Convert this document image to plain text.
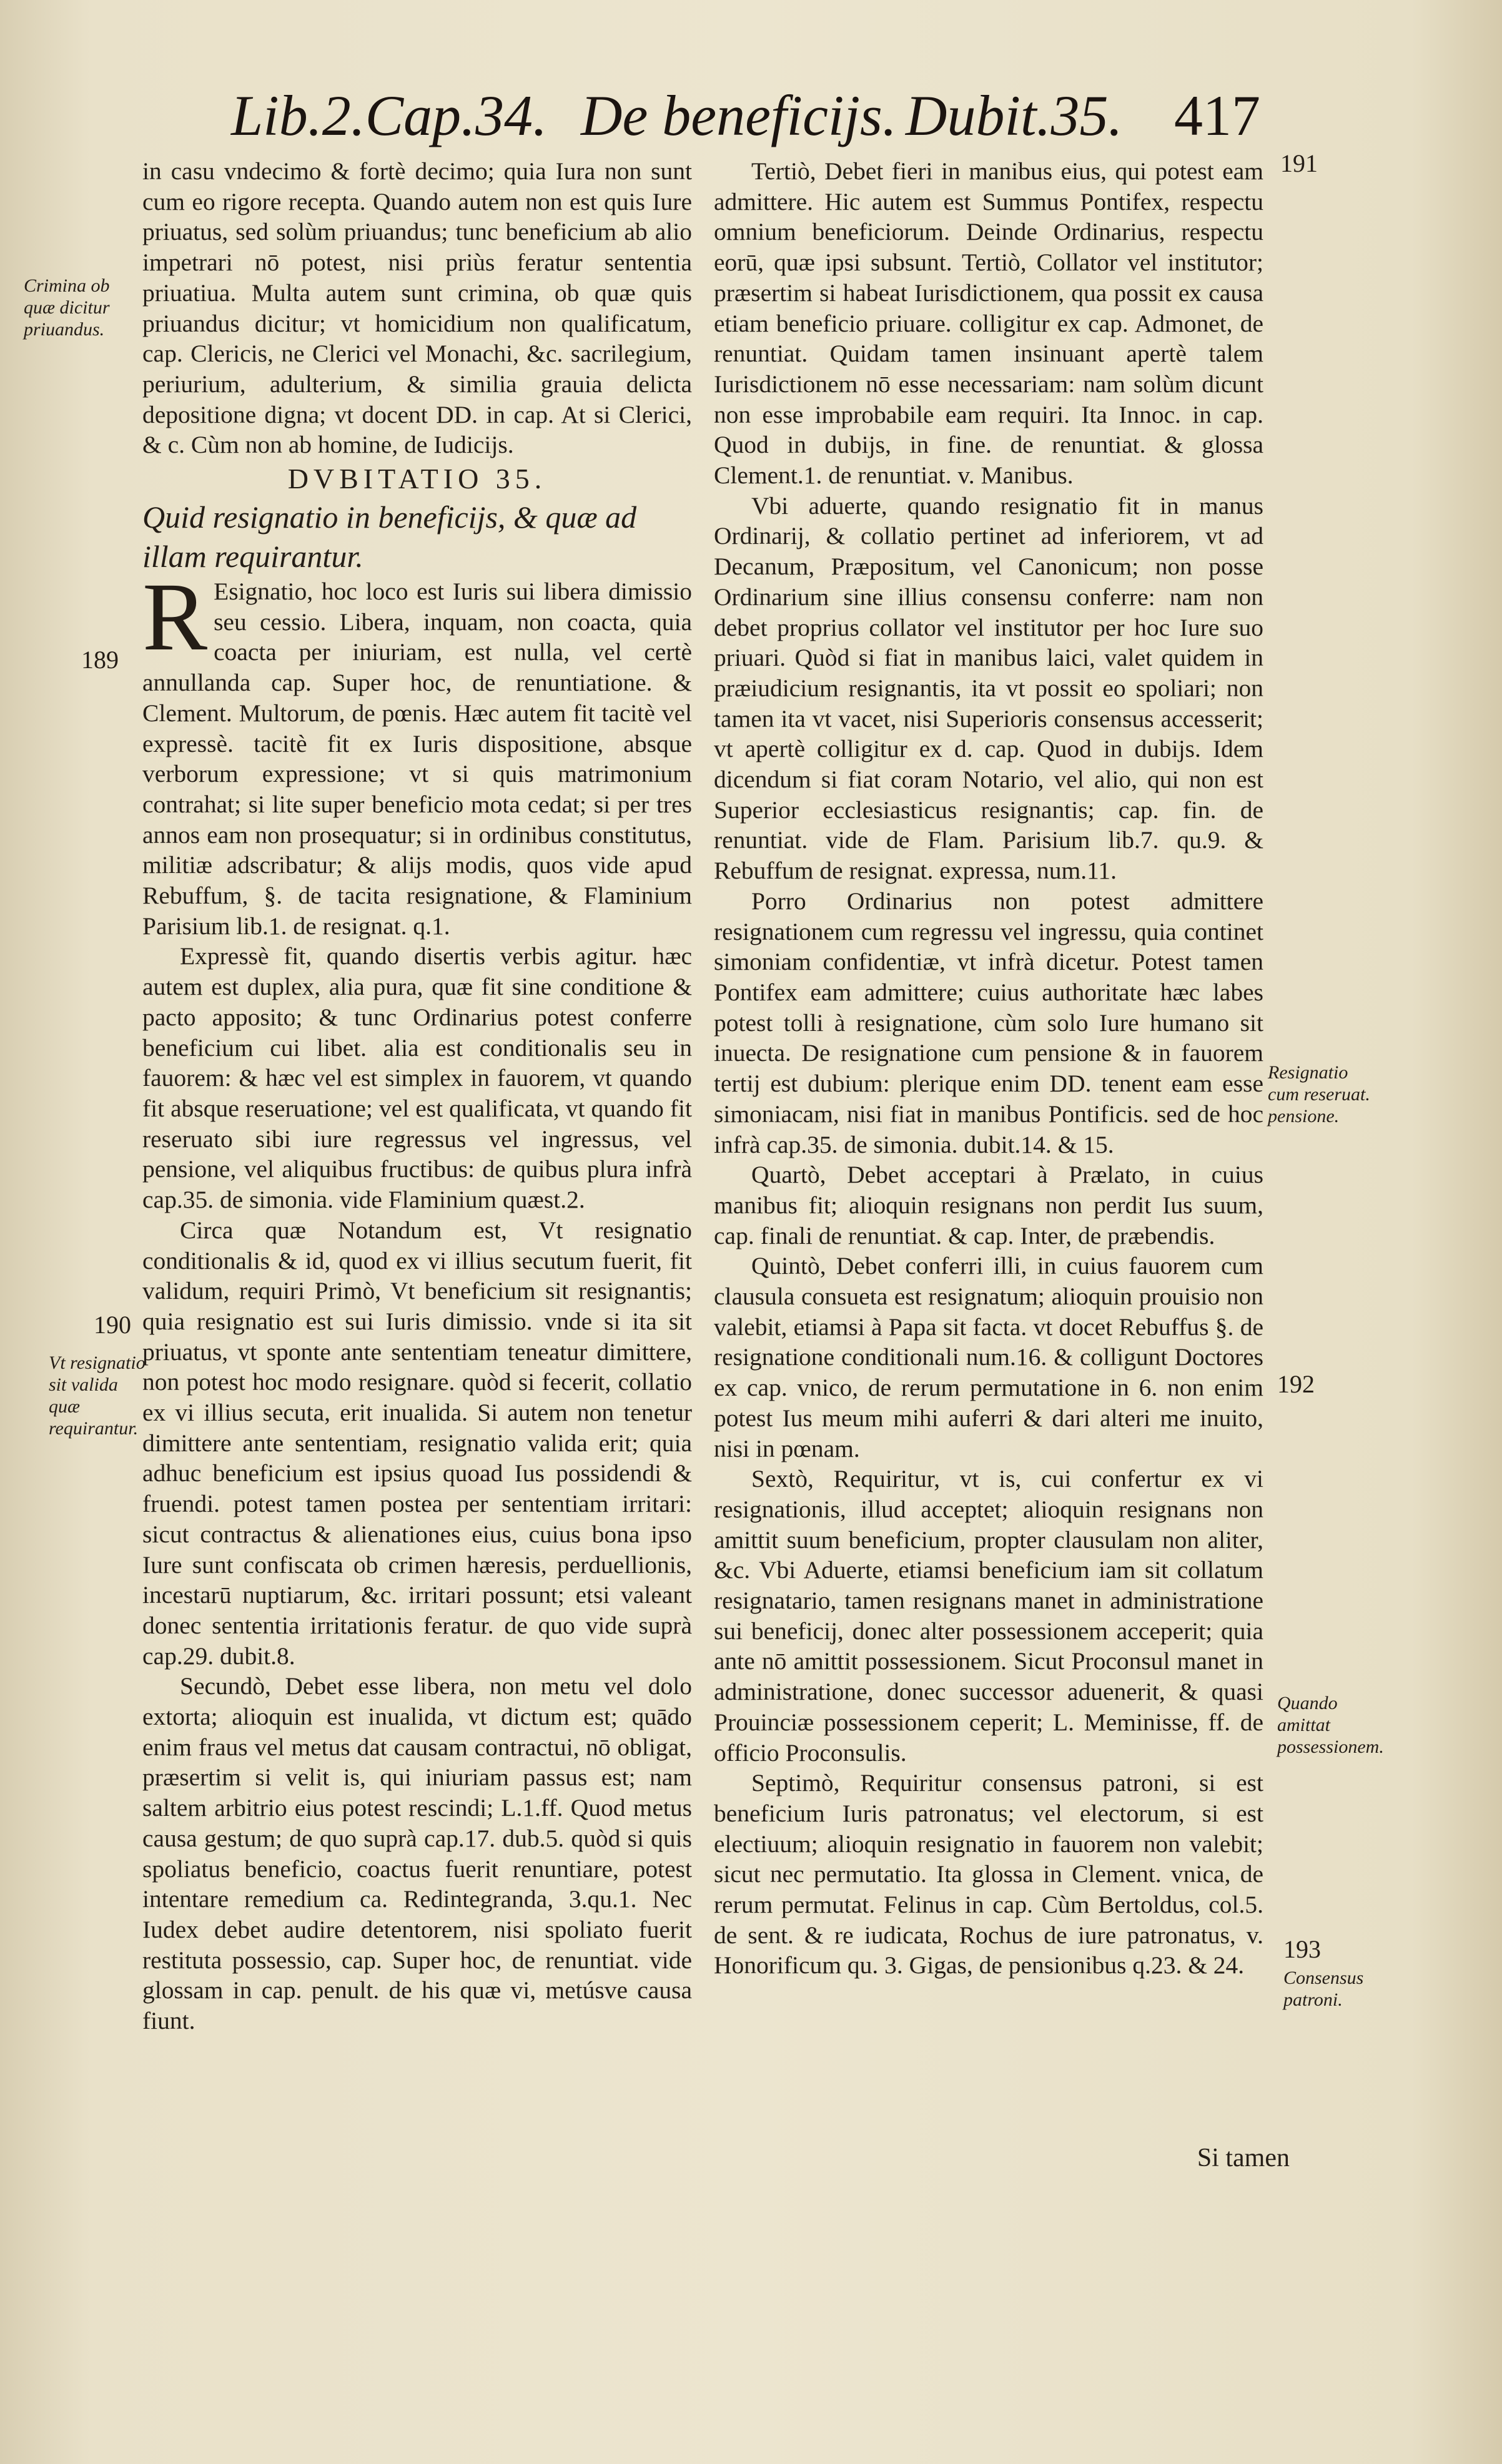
Lib.2.Cap.34. De beneficijs. Dubit.35. 417

in casu vndecimo & fortè decimo; quia Iura non sunt cum eo rigore recepta. Quando autem non est quis Iure priuatus, sed solùm priuandus; tunc beneficium ab alio impetrari nō potest, nisi priùs feratur sententia priuatiua. Multa autem sunt crimina, ob quæ quis priuandus dicitur; vt homicidium non qualificatum, cap. Clericis, ne Clerici vel Monachi, &c. sacrilegium, periurium, adulterium, & similia grauia delicta depositione digna; vt docent DD. in cap. At si Clerici, & c. Cùm non ab homine, de Iudicijs.

DVBITATIO 35.

Quid resignatio in beneficijs, & quæ ad illam requirantur.

R Esignatio, hoc loco est Iuris sui libera dimissio seu cessio. Libera, inquam, non coacta, quia coacta per iniuriam, est nulla, vel certè annullanda cap. Super hoc, de renuntiatione. & Clement. Multorum, de pœnis. Hæc autem fit tacitè vel expressè. tacitè fit ex Iuris dispositione, absque verborum expressione; vt si quis matrimonium contrahat; si lite super beneficio mota cedat; si per tres annos eam non prosequatur; si in ordinibus constitutus, militiæ adscribatur; & alijs modis, quos vide apud Rebuffum, §. de tacita resignatione, & Flaminium Parisium lib.1. de resignat. q.1.

Expressè fit, quando disertis verbis agitur. hæc autem est duplex, alia pura, quæ fit sine conditione & pacto apposito; & tunc Ordinarius potest conferre beneficium cui libet. alia est conditionalis seu in fauorem: & hæc vel est simplex in fauorem, vt quando fit absque reseruatione; vel est qualificata, vt quando fit reseruato sibi iure regressus vel ingressus, vel pensione, vel aliquibus fructibus: de quibus plura infrà cap.35. de simonia. vide Flaminium quæst.2.

Circa quæ Notandum est, Vt resignatio conditionalis & id, quod ex vi illius secutum fuerit, fit validum, requiri Primò, Vt beneficium sit resignantis; quia resignatio est sui Iuris dimissio. vnde si ita sit priuatus, vt sponte ante sententiam teneatur dimittere, non potest hoc modo resignare. quòd si fecerit, collatio ex vi illius secuta, erit inualida. Si autem non tenetur dimittere ante sententiam, resignatio valida erit; quia adhuc beneficium est ipsius quoad Ius possidendi & fruendi. potest tamen postea per sententiam irritari: sicut contractus & alienationes eius, cuius bona ipso Iure sunt confiscata ob crimen hæresis, perduellionis, incestarū nuptiarum, &c. irritari possunt; etsi valeant donec sententia irritationis feratur. de quo vide suprà cap.29. dubit.8.

Secundò, Debet esse libera, non metu vel dolo extorta; alioquin est inualida, vt dictum est; quādo enim fraus vel metus dat causam contractui, nō obligat, præsertim si velit is, qui iniuriam passus est; nam saltem arbitrio eius potest rescindi; L.1.ff. Quod metus causa gestum; de quo suprà cap.17. dub.5. quòd si quis spoliatus beneficio, coactus fuerit renuntiare, potest intentare remedium ca. Redintegranda, 3.qu.1. Nec Iudex debet audire detentorem, nisi spoliato fuerit restituta possessio, cap. Super hoc, de renuntiat. vide glossam in cap. penult. de his quæ vi, metúsve causa fiunt.

Tertiò, Debet fieri in manibus eius, qui potest eam admittere. Hic autem est Summus Pontifex, respectu omnium beneficiorum. Deinde Ordinarius, respectu eorū, quæ ipsi subsunt. Tertiò, Collator vel institutor; præsertim si habeat Iurisdictionem, qua possit ex causa etiam beneficio priuare. colligitur ex cap. Admonet, de renuntiat. Quidam tamen insinuant apertè talem Iurisdictionem nō esse necessariam: nam solùm dicunt non esse improbabile eam requiri. Ita Innoc. in cap. Quod in dubijs, in fine. de renuntiat. & glossa Clement.1. de renuntiat. v. Manibus.

Vbi aduerte, quando resignatio fit in manus Ordinarij, & collatio pertinet ad inferiorem, vt ad Decanum, Præpositum, vel Canonicum; non posse Ordinarium sine illius consensu conferre: nam non debet proprius collator vel institutor per hoc Iure suo priuari. Quòd si fiat in manibus laici, valet quidem in præiudicium resignantis, ita vt possit eo spoliari; non tamen ita vt vacet, nisi Superioris consensus accesserit; vt apertè colligitur ex d. cap. Quod in dubijs. Idem dicendum si fiat coram Notario, vel alio, qui non est Superior ecclesiasticus resignantis; cap. fin. de renuntiat. vide de Flam. Parisium lib.7. qu.9. & Rebuffum de resignat. expressa, num.11.

Porro Ordinarius non potest admittere resignationem cum regressu vel ingressu, quia continet simoniam confidentiæ, vt infrà dicetur. Potest tamen Pontifex eam admittere; cuius authoritate hæc labes potest tolli à resignatione, cùm solo Iure humano sit inuecta. De resignatione cum pensione & in fauorem tertij est dubium: plerique enim DD. tenent eam esse simoniacam, nisi fiat in manibus Pontificis. sed de hoc infrà cap.35. de simonia. dubit.14. & 15.

Quartò, Debet acceptari à Prælato, in cuius manibus fit; alioquin resignans non perdit Ius suum, cap. finali de renuntiat. & cap. Inter, de præbendis.

Quintò, Debet conferri illi, in cuius fauorem cum clausula consueta est resignatum; alioquin prouisio non valebit, etiamsi à Papa sit facta. vt docet Rebuffus §. de resignatione conditionali num.16. & colligunt Doctores ex cap. vnico, de rerum permutatione in 6. non enim potest Ius meum mihi auferri & dari alteri me inuito, nisi in pœnam.

Sextò, Requiritur, vt is, cui confertur ex vi resignationis, illud acceptet; alioquin resignans non amittit suum beneficium, propter clausulam non aliter, &c. Vbi Aduerte, etiamsi beneficium iam sit collatum resignatario, tamen resignans manet in administratione sui beneficij, donec alter possessionem acceperit; quia ante nō amittit possessionem. Sicut Proconsul manet in administratione, donec successor aduenerit, & quasi Prouinciæ possessionem ceperit; L. Meminisse, ff. de officio Proconsulis.

Septimò, Requiritur consensus patroni, si est beneficium Iuris patronatus; vel electorum, si est electiuum; alioquin resignatio in fauorem non valebit; sicut nec permutatio. Ita glossa in Clement. vnica, de rerum permutat. Felinus in cap. Cùm Bertoldus, col.5. de sent. & re iudicata, Rochus de iure patronatus, v. Honorificum qu. 3. Gigas, de pensionibus q.23. & 24.

Crimina ob quæ dicitur priuandus.
Vt resignatio sit valida quæ requirantur.
Resignatio cum reseruat. pensione.
Quando amittat possessionem.
Consensus patroni.
189
190
191
192
193
Si tamen
